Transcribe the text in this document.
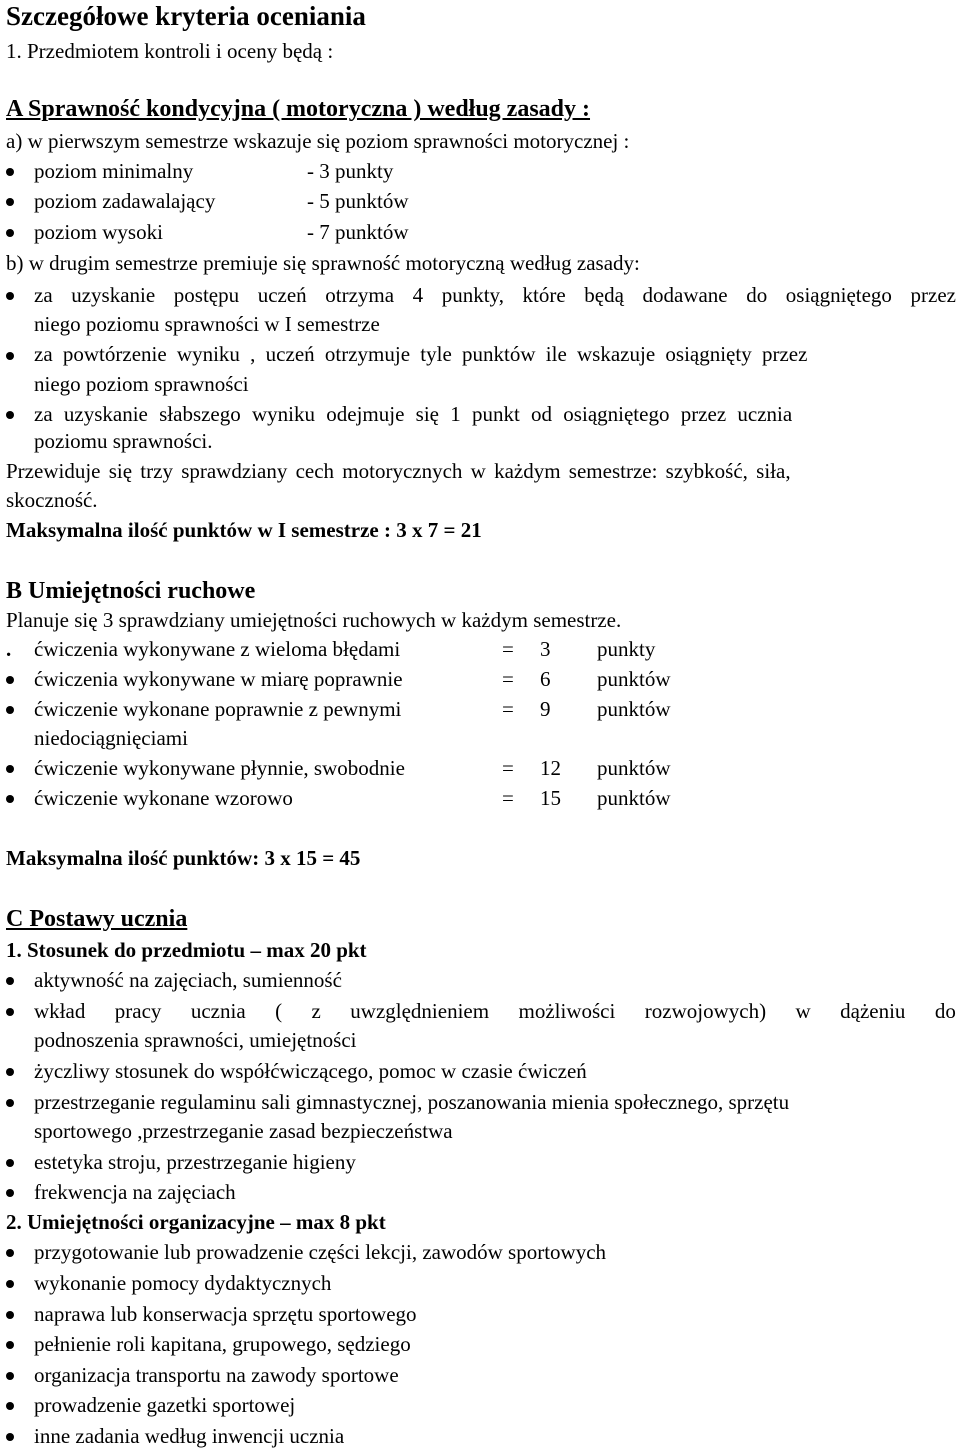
Szczegółowe kryteria oceniania
1. Przedmiotem kontroli i oceny będą :
A Sprawność kondycyjna ( motoryczna ) według zasady :
a) w pierwszym semestrze wskazuje się poziom sprawności motorycznej :
poziom minimalny	- 3 punkty
poziom zadawalający	- 5 punktów
poziom wysoki	- 7 punktów
b) w drugim semestrze premiuje się sprawność motoryczną według zasady:
za uzyskanie postępu uczeń otrzyma 4 punkty, które będą dodawane do osiągniętego przez
niego poziomu sprawności w I semestrze
za powtórzenie wyniku , uczeń otrzymuje tyle punktów ile wskazuje osiągnięty przez
niego poziom sprawności
za uzyskanie słabszego wyniku odejmuje się 1 punkt od osiągniętego przez ucznia
poziomu sprawności.
Przewiduje się trzy sprawdziany cech motorycznych w każdym semestrze: szybkość, siła,
skoczność.
Maksymalna ilość punktów w I semestrze : 3 x 7 = 21
B Umiejętności ruchowe
Planuje się 3 sprawdziany umiejętności ruchowych w każdym semestrze.
. ćwiczenia wykonywane z wieloma błędami	= 3 punkty
ćwiczenia wykonywane w miarę poprawnie	= 6 punktów
ćwiczenie wykonane poprawnie z pewnymi	= 9 punktów
niedociągnięciami
ćwiczenie wykonywane płynnie, swobodnie	= 12 punktów
ćwiczenie wykonane wzorowo	= 15 punktów
Maksymalna ilość punktów: 3 x 15 = 45
C Postawy ucznia
1. Stosunek do przedmiotu – max 20 pkt
aktywność na zajęciach, sumienność
wkład pracy ucznia ( z uwzględnieniem możliwości rozwojowych) w dążeniu do
podnoszenia sprawności, umiejętności
życzliwy stosunek do współćwiczącego, pomoc w czasie ćwiczeń
przestrzeganie regulaminu sali gimnastycznej, poszanowania mienia społecznego, sprzętu
sportowego ,przestrzeganie zasad bezpieczeństwa
estetyka stroju, przestrzeganie higieny
frekwencja na zajęciach
2. Umiejętności organizacyjne – max 8 pkt
przygotowanie lub prowadzenie części lekcji, zawodów sportowych
wykonanie pomocy dydaktycznych
naprawa lub konserwacja sprzętu sportowego
pełnienie roli kapitana, grupowego, sędziego
organizacja transportu na zawody sportowe
prowadzenie gazetki sportowej
inne zadania według inwencji ucznia
